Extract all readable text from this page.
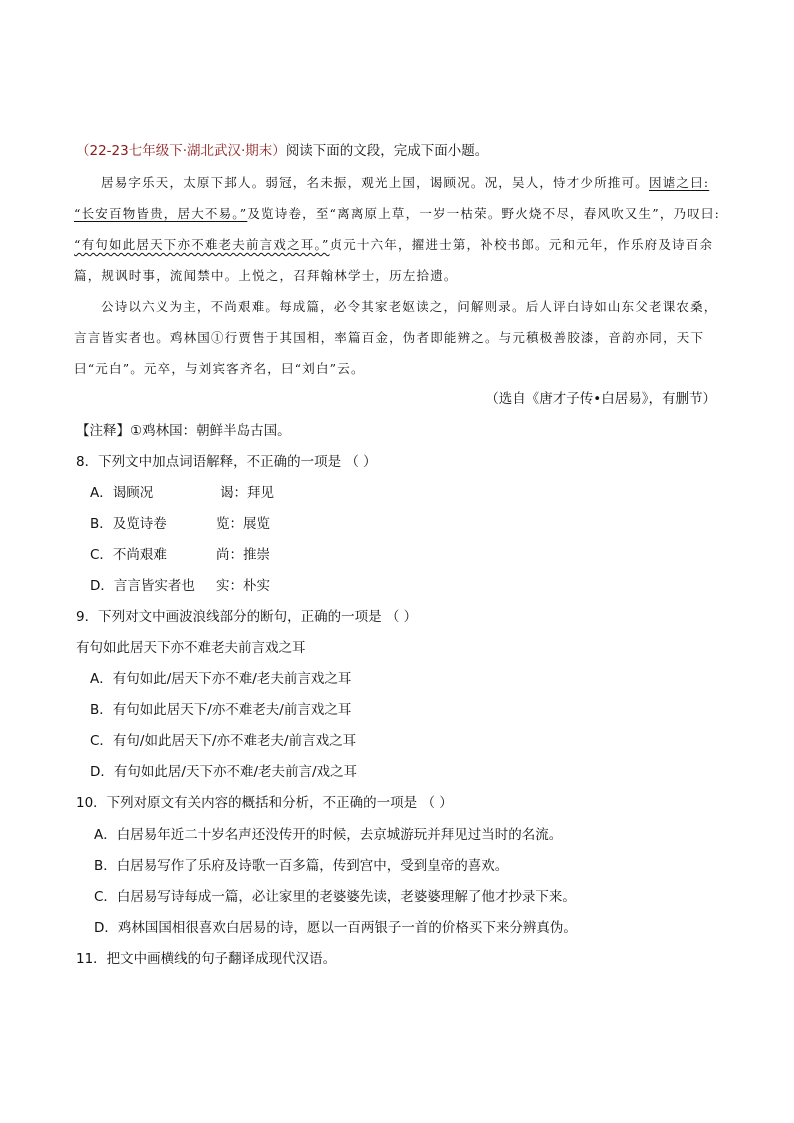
（22-23七年级下·湖北武汉·期末）阅读下面的文段，完成下面小题。
居易字乐天，太原下邽人。弱冠，名未振，观光上国，谒顾况。况，吴人，恃才少所推可。因谑之曰:
“长安百物皆贵，居大不易。”及览诗卷，至“离离原上草，一岁一枯荣。野火烧不尽，春风吹又生”，乃叹曰:
“有句如此居天下亦不难老夫前言戏之耳。”贞元十六年，擢进士第，补校书郎。元和元年，作乐府及诗百余
篇，规讽时事，流闻禁中。上悦之，召拜翰林学士，历左拾遗。
公诗以六义为主，不尚艰难。每成篇，必令其家老妪读之，问解则录。后人评白诗如山东父老课农桑，
言言皆实者也。鸡林国①行贾售于其国相，率篇百金，伪者即能辨之。与元稹极善胶漆，音韵亦同，天下
曰“元白”。元卒，与刘宾客齐名，曰“刘白”云。
（选自《唐才子传•白居易》，有删节）
【注释】①鸡林国：朝鲜半岛古国。
8．下列文中加点词语解释，不正确的一项是 （ ）
A．谒顾况	谒：拜见
B．及览诗卷	览：展览
C．不尚艰难	尚：推崇
D．言言皆实者也 实：朴实
9．下列对文中画波浪线部分的断句，正确的一项是 （ ）
有句如此居天下亦不难老夫前言戏之耳
A．有句如此/居天下亦不难/老夫前言戏之耳
B．有句如此居天下/亦不难老夫/前言戏之耳
C．有句/如此居天下/亦不难老夫/前言戏之耳
D．有句如此居/天下亦不难/老夫前言/戏之耳
10．下列对原文有关内容的概括和分析，不正确的一项是 （ ）
A．白居易年近二十岁名声还没传开的时候，去京城游玩并拜见过当时的名流。
B．白居易写作了乐府及诗歌一百多篇，传到宫中，受到皇帝的喜欢。
C．白居易写诗每成一篇，必让家里的老婆婆先读，老婆婆理解了他才抄录下来。
D．鸡林国国相很喜欢白居易的诗，愿以一百两银子一首的价格买下来分辨真伪。
11．把文中画横线的句子翻译成现代汉语。
